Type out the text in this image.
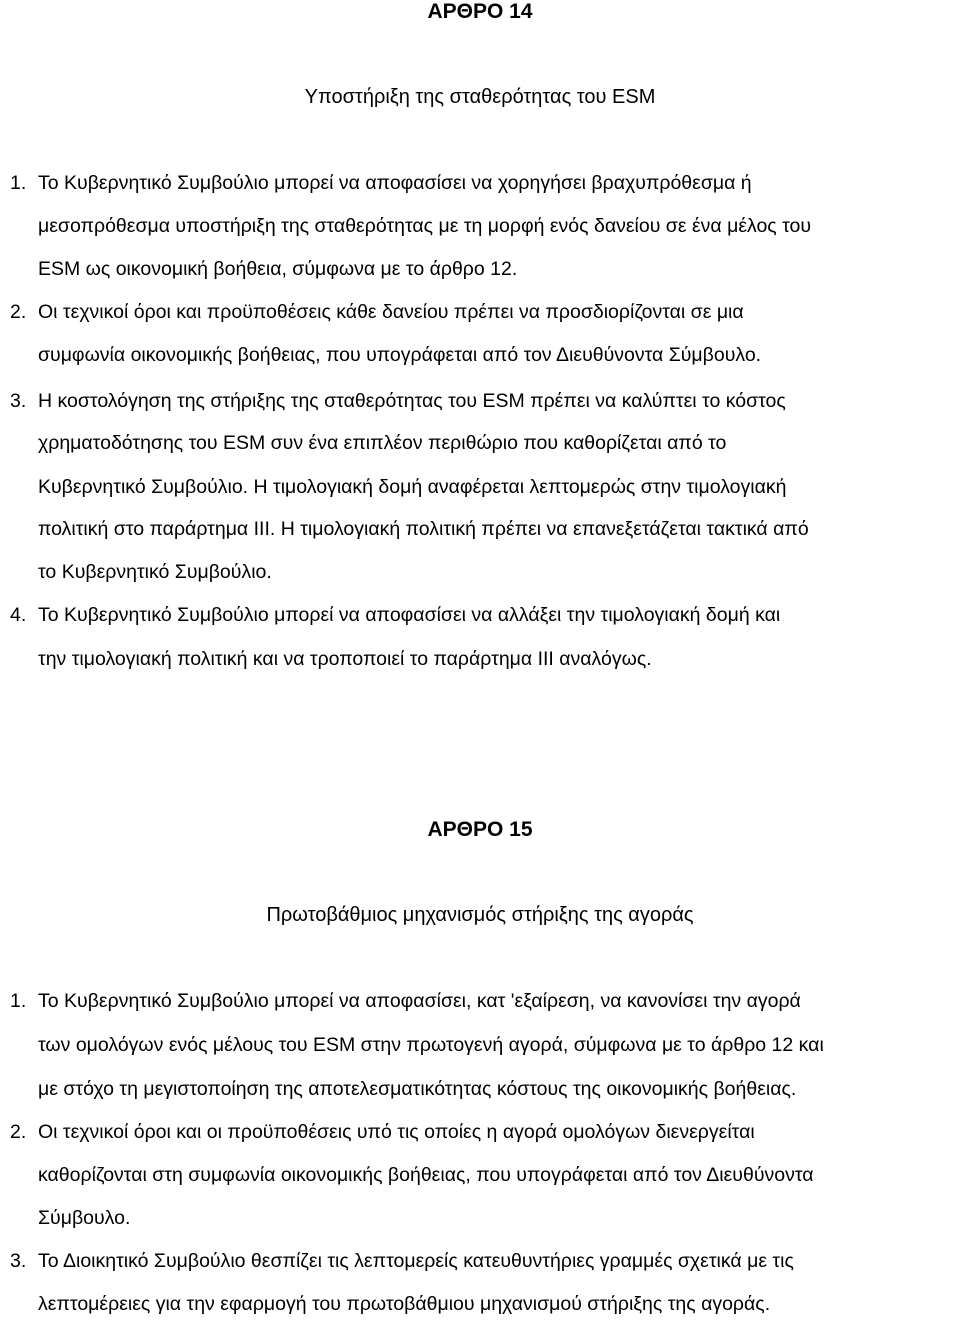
ΑΡΘΡΟ 14
Υποστήριξη της σταθερότητας του ESM
1. Το Κυβερνητικό Συμβούλιο μπορεί να αποφασίσει να χορηγήσει βραχυπρόθεσμα ή
μεσοπρόθεσμα υποστήριξη της σταθερότητας με τη μορφή ενός δανείου σε ένα μέλος του
ESM ως οικονομική βοήθεια, σύμφωνα με το άρθρο 12.
2. Οι τεχνικοί όροι και προϋποθέσεις κάθε δανείου πρέπει να προσδιορίζονται σε μια
συμφωνία οικονομικής βοήθειας, που υπογράφεται από τον Διευθύνοντα Σύμβουλο.
3. Η κοστολόγηση της στήριξης της σταθερότητας του ESM πρέπει να καλύπτει το κόστος
χρηματοδότησης του ESM συν ένα επιπλέον περιθώριο που καθορίζεται από το
Κυβερνητικό Συμβούλιο. Η τιμολογιακή δομή αναφέρεται λεπτομερώς στην τιμολογιακή
πολιτική στο παράρτημα ΙΙΙ. Η τιμολογιακή πολιτική πρέπει να επανεξετάζεται τακτικά από
το Κυβερνητικό Συμβούλιο.
4. Το Κυβερνητικό Συμβούλιο μπορεί να αποφασίσει να αλλάξει την τιμολογιακή δομή και
την τιμολογιακή πολιτική και να τροποποιεί το παράρτημα ΙΙΙ αναλόγως.
ΑΡΘΡΟ 15
Πρωτοβάθμιος μηχανισμός στήριξης της αγοράς
1. Το Κυβερνητικό Συμβούλιο μπορεί να αποφασίσει, κατ 'εξαίρεση, να κανονίσει την αγορά
των ομολόγων ενός μέλους του ESM στην πρωτογενή αγορά, σύμφωνα με το άρθρο 12 και
με στόχο τη μεγιστοποίηση της αποτελεσματικότητας κόστους της οικονομικής βοήθειας.
2. Οι τεχνικοί όροι και οι προϋποθέσεις υπό τις οποίες η αγορά ομολόγων διενεργείται
καθορίζονται στη συμφωνία οικονομικής βοήθειας, που υπογράφεται από τον Διευθύνοντα
Σύμβουλο.
3. Το Διοικητικό Συμβούλιο θεσπίζει τις λεπτομερείς κατευθυντήριες γραμμές σχετικά με τις
λεπτομέρειες για την εφαρμογή του πρωτοβάθμιου μηχανισμού στήριξης της αγοράς.
